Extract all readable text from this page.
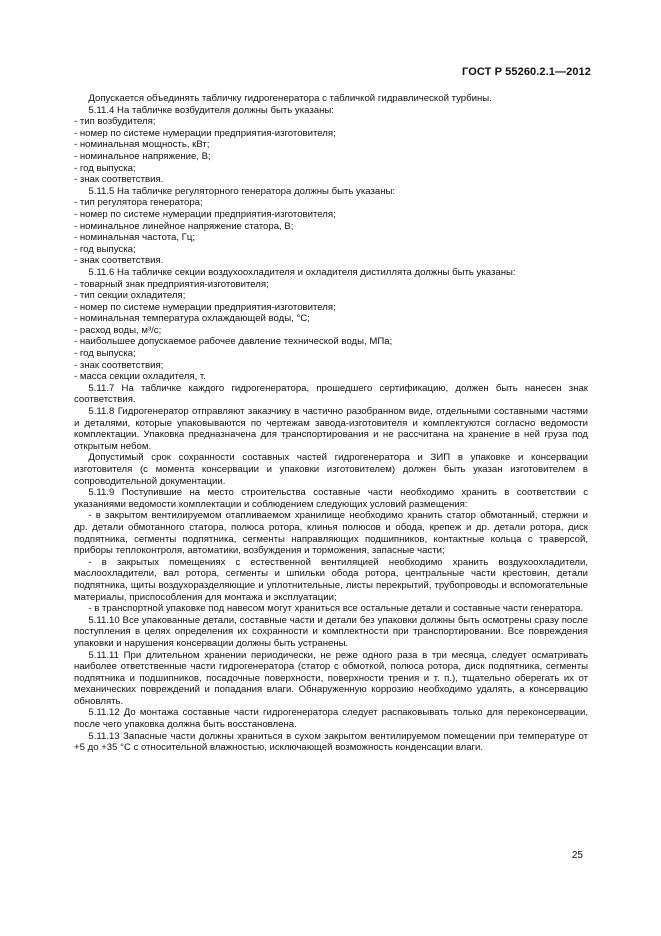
ГОСТ Р 55260.2.1—2012

Допускается объединять табличку гидрогенератора с табличкой гидравлической турбины.

5.11.4 На табличке возбудителя должны быть указаны:

- тип возбудителя;

- номер по системе нумерации предприятия-изготовителя;

- номинальная мощность, кВт;

- номинальное напряжение, В;

- год выпуска;

- знак соответствия.

5.11.5 На табличке регуляторного генератора должны быть указаны:

- тип регулятора генератора;

- номер по системе нумерации предприятия-изготовителя;

- номинальное линейное напряжение статора, В;

- номинальная частота, Гц;

- год выпуска;

- знак соответствия.

5.11.6 На табличке секции воздухоохладителя и охладителя дистиллята должны быть указаны:

- товарный знак предприятия-изготовителя;

- тип секции охладителя;

- номер по системе нумерации предприятия-изготовителя;

- номинальная температура охлаждающей воды, °С;

- расход воды, м³/с;

- наибольшее допускаемое рабочее давление технической воды, МПа;

- год выпуска;

- знак соответствия;

- масса секции охладителя, т.

5.11.7 На табличке каждого гидрогенератора, прошедшего сертификацию, должен быть нанесен знак соответствия.

5.11.8 Гидрогенератор отправляют заказчику в частично разобранном виде, отдельными составными частями и деталями, которые упаковываются по чертежам завода-изготовителя и комплектуются согласно ведомости комплектации. Упаковка предназначена для транспортирования и не рассчитана на хранение в ней груза под открытым небом.

Допустимый срок сохранности составных частей гидрогенератора и ЗИП в упаковке и консервации изготовителя (с момента консервации и упаковки изготовителем) должен быть указан изготовителем в сопроводительной документации.

5.11.9 Поступившие на место строительства составные части необходимо хранить в соответствии с указаниями ведомости комплектации и соблюдением следующих условий размещения:

- в закрытом вентилируемом отапливаемом хранилище необходимо хранить статор обмотанный, стержни и др. детали обмотанного статора, полюса ротора, клинья полюсов и обода, крепеж и др. детали ротора, диск подпятника, сегменты подпятника, сегменты направляющих подшипников, контактные кольца с траверсой, приборы теплоконтроля, автоматики, возбуждения и торможения, запасные части;

- в закрытых помещениях с естественной вентиляцией необходимо хранить воздухоохладители, маслоохладители, вал ротора, сегменты и шпильки обода ротора, центральные части крестовин, детали подпятника, щиты воздухоразделяющие и уплотнительные, листы перекрытий, трубопроводы и вспомогательные материалы, приспособления для монтажа и эксплуатации;

- в транспортной упаковке под навесом могут храниться все остальные детали и составные части генератора.

5.11.10 Все упакованные детали, составные части и детали без упаковки должны быть осмотрены сразу после поступления в целях определения их сохранности и комплектности при транспортировании. Все повреждения упаковки и нарушения консервации должны быть устранены.

5.11.11 При длительном хранении периодически, не реже одного раза в три месяца, следует осматривать наиболее ответственные части гидрогенератора (статор с обмоткой, полюса ротора, диск подпятника, сегменты подпятника и подшипников, посадочные поверхности, поверхности трения и т. п.), тщательно оберегать их от механических повреждений и попадания влаги. Обнаруженную коррозию необходимо удалять, а консервацию обновлять.

5.11.12 До монтажа составные части гидрогенератора следует распаковывать только для переконсервации, после чего упаковка должна быть восстановлена.

5.11.13 Запасные части должны храниться в сухом закрытом вентилируемом помещении при температуре от +5 до +35 °С с относительной влажностью, исключающей возможность конденсации влаги.

25
